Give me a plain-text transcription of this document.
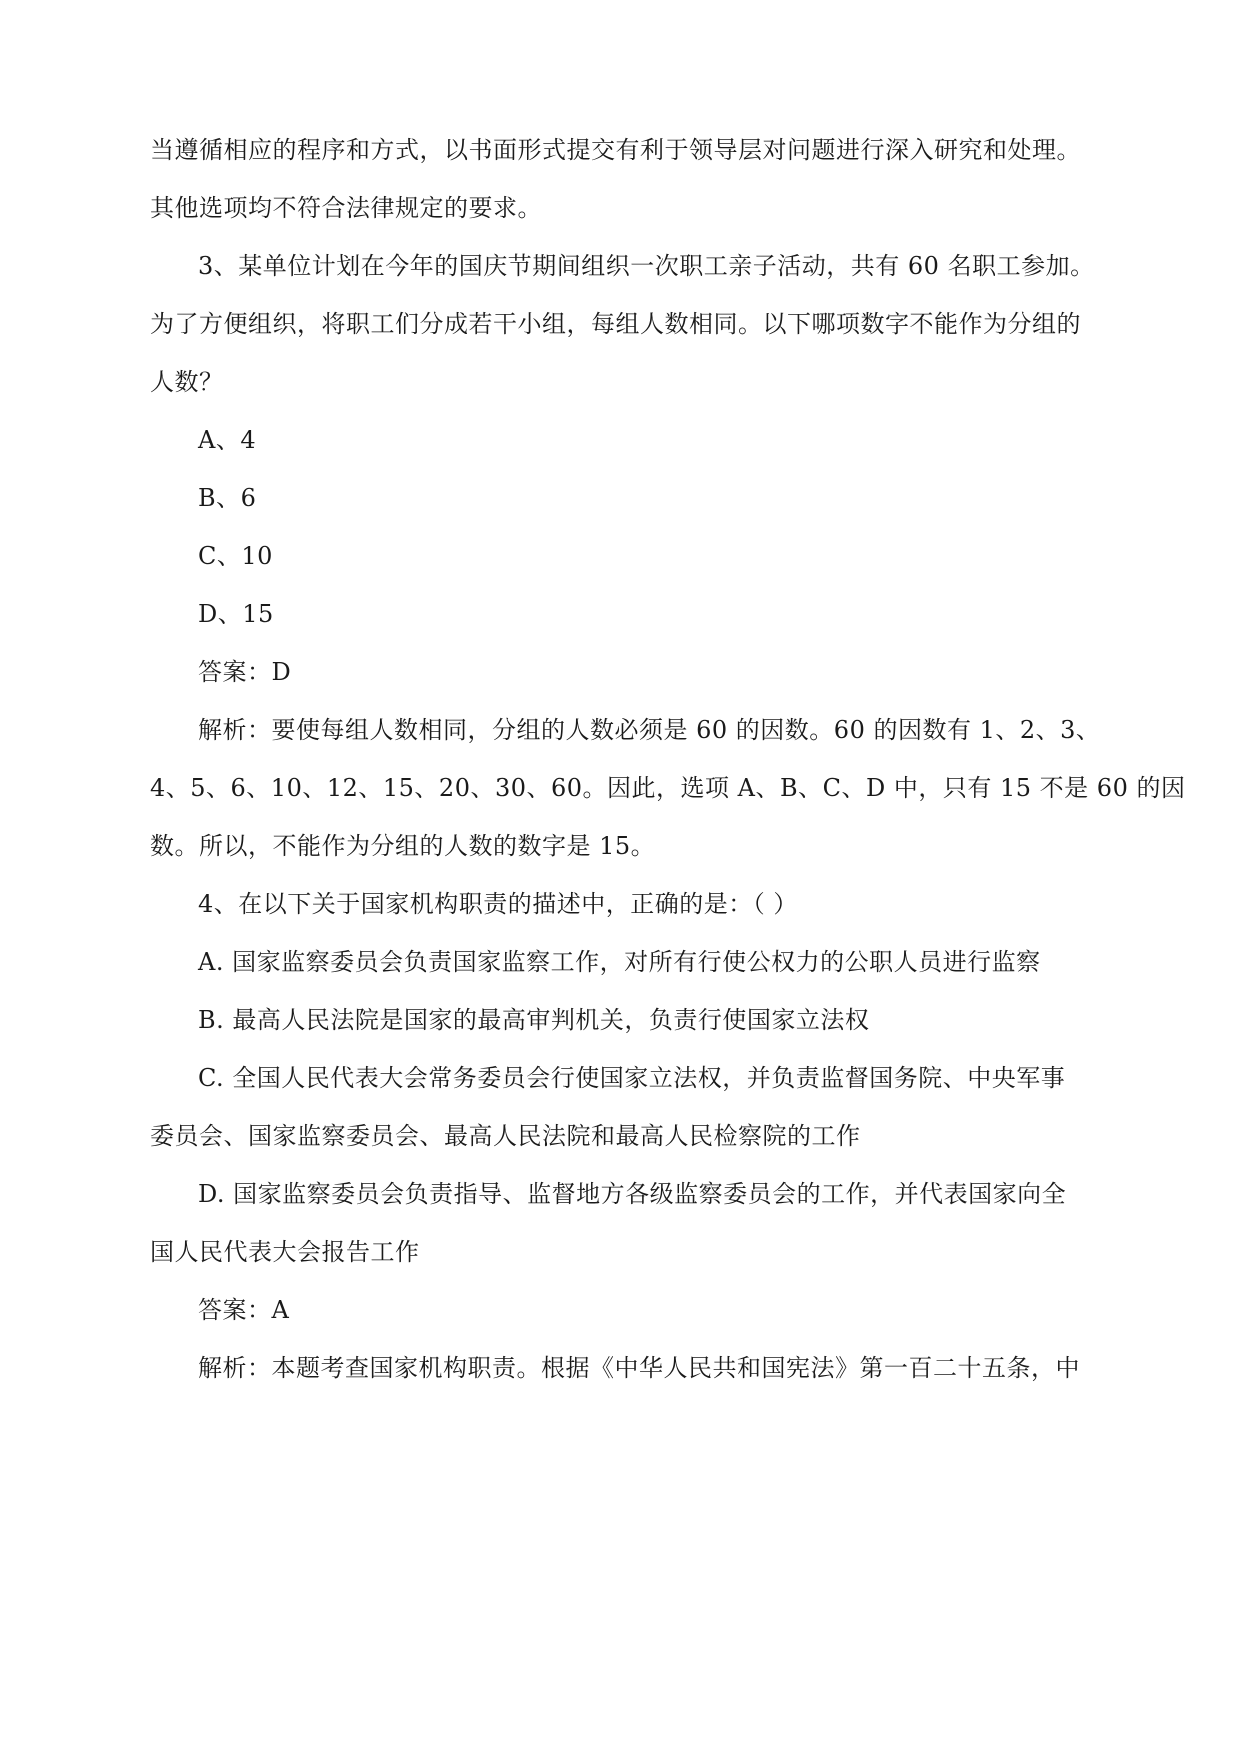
当遵循相应的程序和方式，以书面形式提交有利于领导层对问题进行深入研究和处理。
其他选项均不符合法律规定的要求。
3、某单位计划在今年的国庆节期间组织一次职工亲子活动，共有 60 名职工参加。
为了方便组织，将职工们分成若干小组，每组人数相同。以下哪项数字不能作为分组的
人数？
A、4
B、6
C、10
D、15
答案：D
解析：要使每组人数相同，分组的人数必须是 60 的因数。60 的因数有 1、2、3、
4、5、6、10、12、15、20、30、60。因此，选项 A、B、C、D 中，只有 15 不是 60 的因
数。所以，不能作为分组的人数的数字是 15。
4、在以下关于国家机构职责的描述中，正确的是：（ ）
A. 国家监察委员会负责国家监察工作，对所有行使公权力的公职人员进行监察
B. 最高人民法院是国家的最高审判机关，负责行使国家立法权
C. 全国人民代表大会常务委员会行使国家立法权，并负责监督国务院、中央军事
委员会、国家监察委员会、最高人民法院和最高人民检察院的工作
D. 国家监察委员会负责指导、监督地方各级监察委员会的工作，并代表国家向全
国人民代表大会报告工作
答案：A
解析：本题考查国家机构职责。根据《中华人民共和国宪法》第一百二十五条，中
